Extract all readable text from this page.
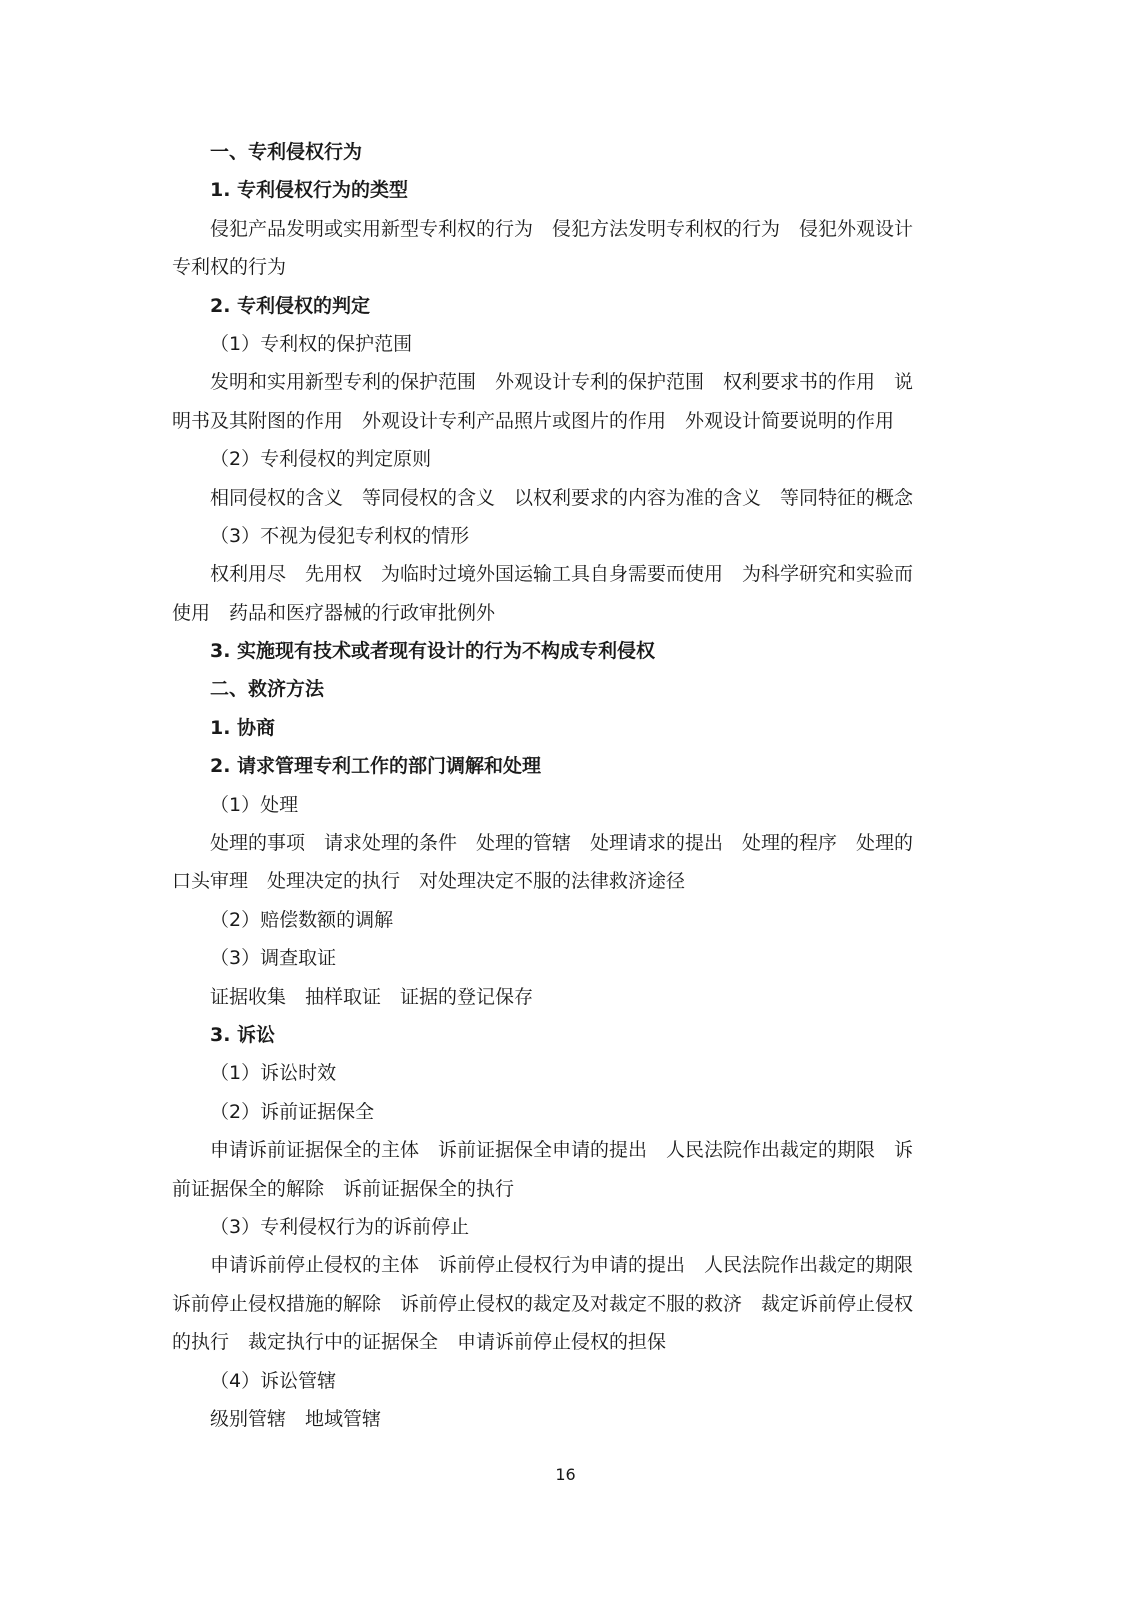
一、专利侵权行为
1. 专利侵权行为的类型
侵犯产品发明或实用新型专利权的行为　侵犯方法发明专利权的行为　侵犯外观设计
专利权的行为
2. 专利侵权的判定
（1）专利权的保护范围
发明和实用新型专利的保护范围　外观设计专利的保护范围　权利要求书的作用　说
明书及其附图的作用　外观设计专利产品照片或图片的作用　外观设计简要说明的作用
（2）专利侵权的判定原则
相同侵权的含义　等同侵权的含义　以权利要求的内容为准的含义　等同特征的概念
（3）不视为侵犯专利权的情形
权利用尽　先用权　为临时过境外国运输工具自身需要而使用　为科学研究和实验而
使用　药品和医疗器械的行政审批例外
3. 实施现有技术或者现有设计的行为不构成专利侵权
二、救济方法
1. 协商
2. 请求管理专利工作的部门调解和处理
（1）处理
处理的事项　请求处理的条件　处理的管辖　处理请求的提出　处理的程序　处理的
口头审理　处理决定的执行　对处理决定不服的法律救济途径
（2）赔偿数额的调解
（3）调查取证
证据收集　抽样取证　证据的登记保存
3. 诉讼
（1）诉讼时效
（2）诉前证据保全
申请诉前证据保全的主体　诉前证据保全申请的提出　人民法院作出裁定的期限　诉
前证据保全的解除　诉前证据保全的执行
（3）专利侵权行为的诉前停止
申请诉前停止侵权的主体　诉前停止侵权行为申请的提出　人民法院作出裁定的期限
诉前停止侵权措施的解除　诉前停止侵权的裁定及对裁定不服的救济　裁定诉前停止侵权
的执行　裁定执行中的证据保全　申请诉前停止侵权的担保
（4）诉讼管辖
级别管辖　地域管辖
16
